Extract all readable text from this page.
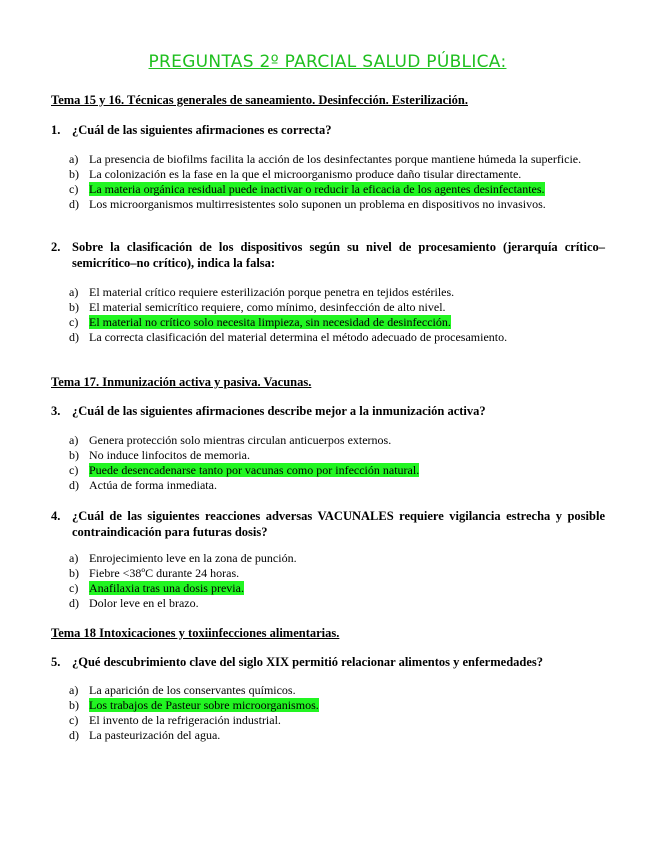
PREGUNTAS 2º PARCIAL SALUD PÚBLICA:
Tema 15 y 16. Técnicas generales de saneamiento. Desinfección. Esterilización.
1. ¿Cuál de las siguientes afirmaciones es correcta?
a) La presencia de biofilms facilita la acción de los desinfectantes porque mantiene húmeda la superficie.
b) La colonización es la fase en la que el microorganismo produce daño tisular directamente.
c) La materia orgánica residual puede inactivar o reducir la eficacia de los agentes desinfectantes.
d) Los microorganismos multirresistentes solo suponen un problema en dispositivos no invasivos.
2. Sobre la clasificación de los dispositivos según su nivel de procesamiento (jerarquía crítico–semicrítico–no crítico), indica la falsa:
a) El material crítico requiere esterilización porque penetra en tejidos estériles.
b) El material semicrítico requiere, como mínimo, desinfección de alto nivel.
c) El material no crítico solo necesita limpieza, sin necesidad de desinfección.
d) La correcta clasificación del material determina el método adecuado de procesamiento.
Tema 17. Inmunización activa y pasiva. Vacunas.
3. ¿Cuál de las siguientes afirmaciones describe mejor a la inmunización activa?
a) Genera protección solo mientras circulan anticuerpos externos.
b) No induce linfocitos de memoria.
c) Puede desencadenarse tanto por vacunas como por infección natural.
d) Actúa de forma inmediata.
4. ¿Cuál de las siguientes reacciones adversas VACUNALES requiere vigilancia estrecha y posible contraindicación para futuras dosis?
a) Enrojecimiento leve en la zona de punción.
b) Fiebre <38ºC durante 24 horas.
c) Anafilaxia tras una dosis previa.
d) Dolor leve en el brazo.
Tema 18 Intoxicaciones y toxiinfecciones alimentarias.
5. ¿Qué descubrimiento clave del siglo XIX permitió relacionar alimentos y enfermedades?
a) La aparición de los conservantes químicos.
b) Los trabajos de Pasteur sobre microorganismos.
c) El invento de la refrigeración industrial.
d) La pasteurización del agua.
